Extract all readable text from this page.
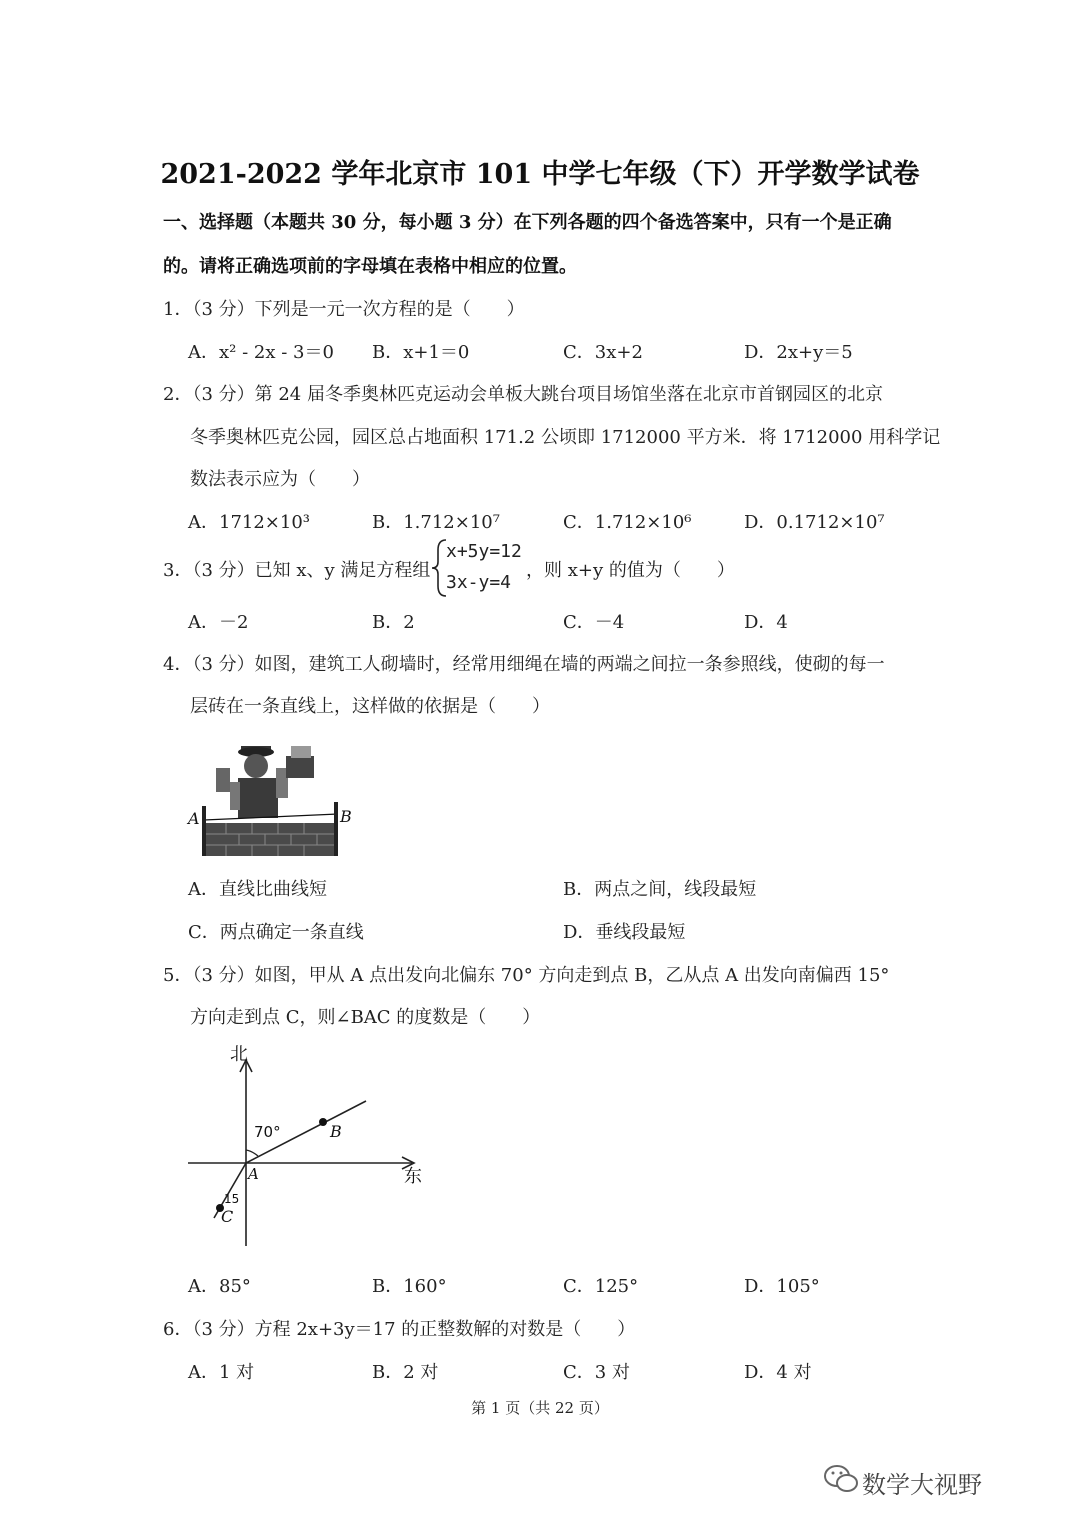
2021-2022 学年北京市 101 中学七年级（下）开学数学试卷
一、选择题（本题共 30 分，每小题 3 分）在下列各题的四个备选答案中，只有一个是正确
的。请将正确选项前的字母填在表格中相应的位置。
1．（3 分）下列是一元一次方程的是（　　）
A．x² - 2x - 3＝0 B．x+1＝0	C．3x+2	D．2x+y＝5
2．（3 分）第 24 届冬季奥林匹克运动会单板大跳台项目场馆坐落在北京市首钢园区的北京
冬季奥林匹克公园，园区总占地面积 171.2 公顷即 1712000 平方米．将 1712000 用科学记
数法表示应为（　　）
A．1712×10³	B．1.712×10⁷	C．1.712×10⁶	D．0.1712×10⁷
3．（3 分）已知 x、y 满足方程组
x+5y=12
3x-y=4
，则 x+y 的值为（　　）
A．－2	B．2	C．－4	D．4
4．（3 分）如图，建筑工人砌墙时，经常用细绳在墙的两端之间拉一条参照线，使砌的每一
层砖在一条直线上，这样做的依据是（　　）
A	B
A．直线比曲线短	B．两点之间，线段最短
C．两点确定一条直线	D．垂线段最短
5．（3 分）如图，甲从 A 点出发向北偏东 70° 方向走到点 B，乙从点 A 出发向南偏西 15°
方向走到点 C，则∠BAC 的度数是（　　）
北
东
70°
15
A
B
C
A．85°	B．160°	C．125°	D．105°
6．（3 分）方程 2x+3y＝17 的正整数解的对数是（　　）
A．1 对	B．2 对	C．3 对	D．4 对
第 1 页（共 22 页）
数学大视野
